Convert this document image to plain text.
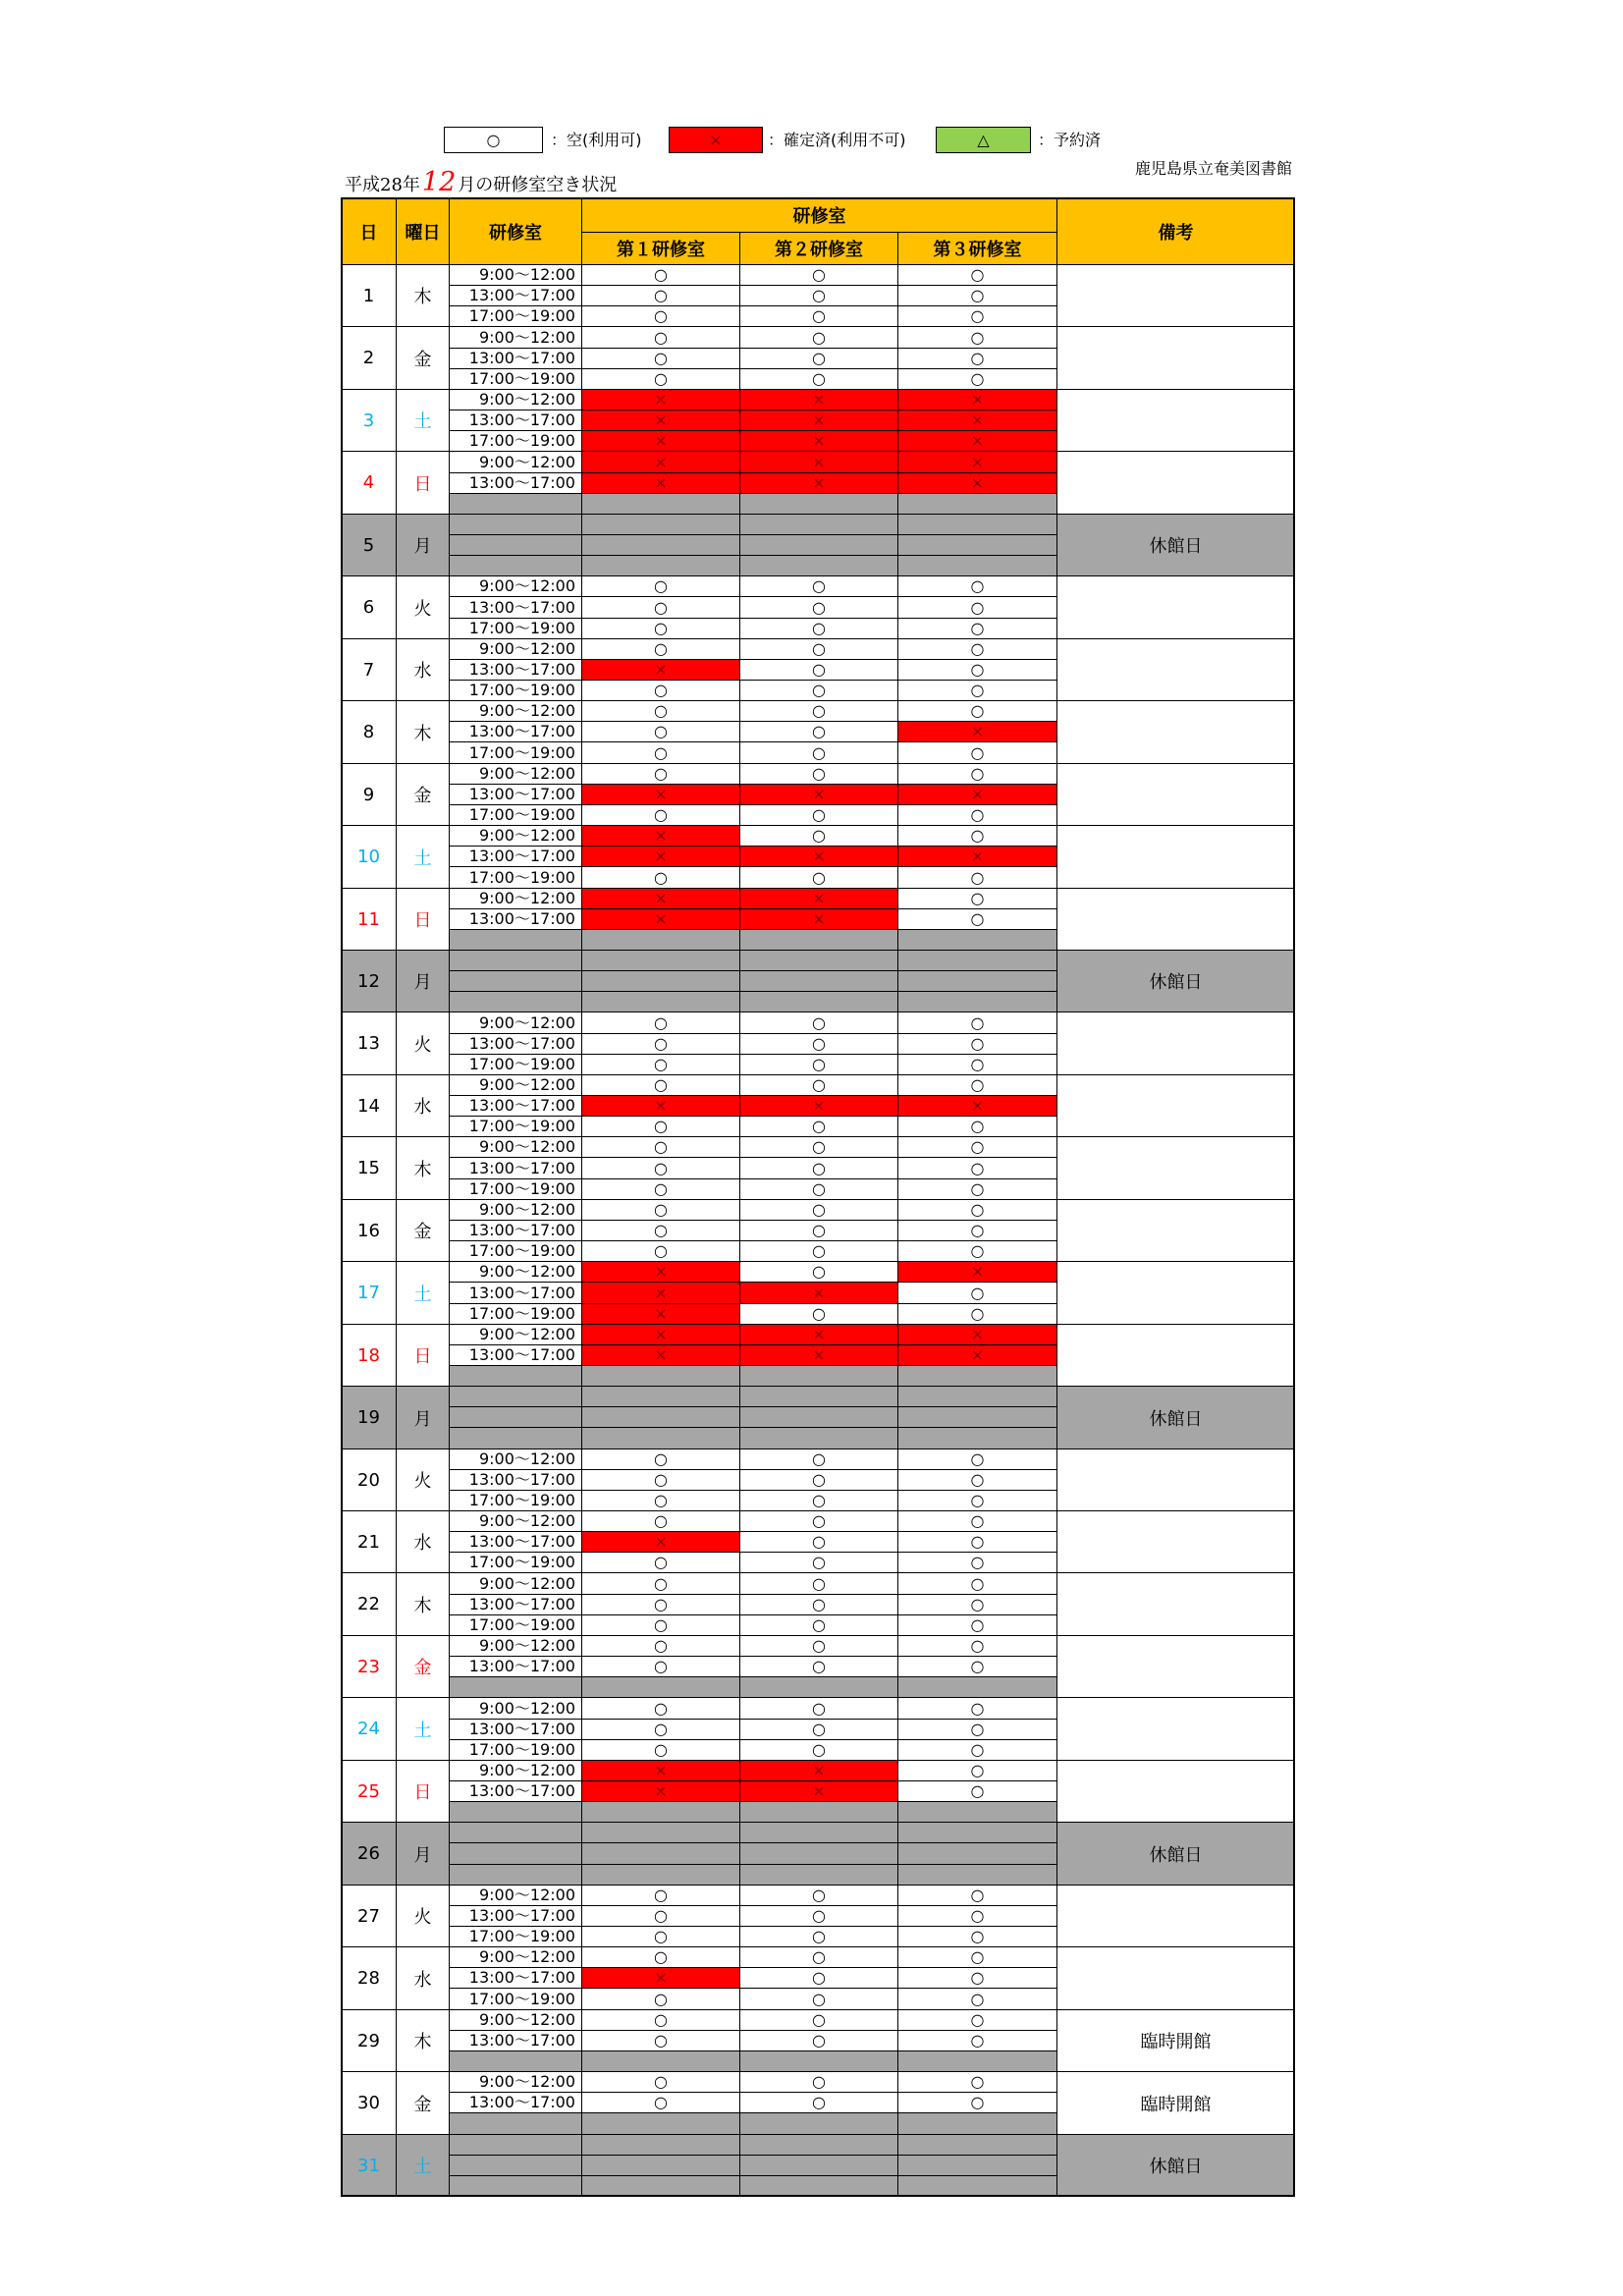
○	：空(利用可)	×	：確定済(利用不可)	△	：予約済
鹿児島県立奄美図書館
平成28年 12 月の研修室空き状況
日	曜日	研修室
研修室
第１研修室	第２研修室	第３研修室
備考
1	木
9:00～12:00	○	○	○
13:00～17:00	○	○	○
17:00～19:00	○	○	○
2	金
9:00～12:00	○	○	○
13:00～17:00	○	○	○
17:00～19:00	○	○	○
3	土
9:00～12:00	×	×	×
13:00～17:00	×	×	×
17:00～19:00	×	×	×
4	日
9:00～12:00	×	×	×
13:00～17:00	×	×	×
5	月	休館日
6	火
9:00～12:00	○	○	○
13:00～17:00	○	○	○
17:00～19:00	○	○	○
7	水
9:00～12:00	○	○	○
13:00～17:00	×	○	○
17:00～19:00	○	○	○
8	木
9:00～12:00	○	○	○
13:00～17:00	○	○	×
17:00～19:00	○	○	○
9	金
9:00～12:00	○	○	○
13:00～17:00	×	×	×
17:00～19:00	○	○	○
10	土
9:00～12:00	×	○	○
13:00～17:00	×	×	×
17:00～19:00	○	○	○
11	日
9:00～12:00	×	×	○
13:00～17:00	×	×	○
12	月	休館日
13	火
9:00～12:00	○	○	○
13:00～17:00	○	○	○
17:00～19:00	○	○	○
14	水
9:00～12:00	○	○	○
13:00～17:00	×	×	×
17:00～19:00	○	○	○
15	木
9:00～12:00	○	○	○
13:00～17:00	○	○	○
17:00～19:00	○	○	○
16	金
9:00～12:00	○	○	○
13:00～17:00	○	○	○
17:00～19:00	○	○	○
17	土
9:00～12:00	×	○	×
13:00～17:00	×	×	○
17:00～19:00	×	○	○
18	日
9:00～12:00	×	×	×
13:00～17:00	×	×	×
19	月	休館日
20	火
9:00～12:00	○	○	○
13:00～17:00	○	○	○
17:00～19:00	○	○	○
21	水
9:00～12:00	○	○	○
13:00～17:00	×	○	○
17:00～19:00	○	○	○
22	木
9:00～12:00	○	○	○
13:00～17:00	○	○	○
17:00～19:00	○	○	○
23	金
9:00～12:00	○	○	○
13:00～17:00	○	○	○
24	土
9:00～12:00	○	○	○
13:00～17:00	○	○	○
17:00～19:00	○	○	○
25	日
9:00～12:00	×	×	○
13:00～17:00	×	×	○
26	月	休館日
27	火
9:00～12:00	○	○	○
13:00～17:00	○	○	○
17:00～19:00	○	○	○
28	水
9:00～12:00	○	○	○
13:00～17:00	×	○	○
17:00～19:00	○	○	○
29	木
9:00～12:00	○	○	○
13:00～17:00	○	○	○	臨時開館
30	金
9:00～12:00	○	○	○
13:00～17:00	○	○	○	臨時開館
31	土	休館日
